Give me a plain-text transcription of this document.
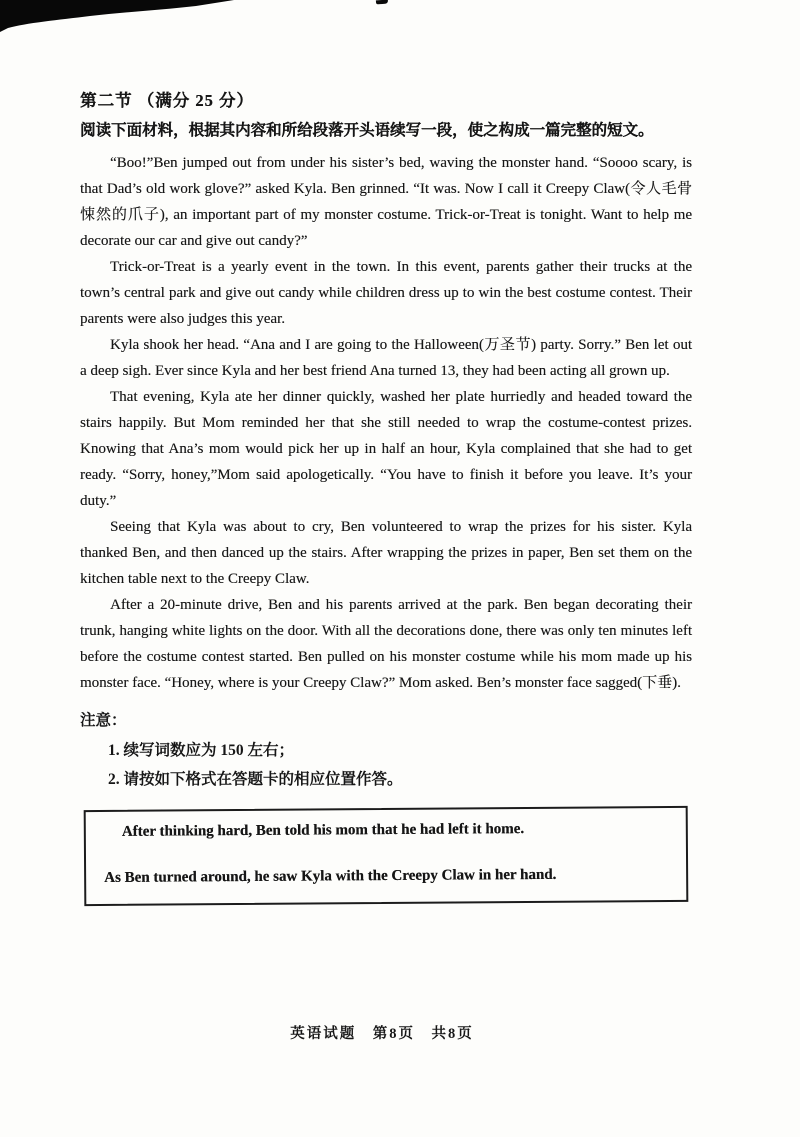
第二节 （满分 25 分）

阅读下面材料，根据其内容和所给段落开头语续写一段，使之构成一篇完整的短文。

“Boo!”Ben jumped out from under his sister’s bed, waving the monster hand. “Soooo scary, is that Dad’s old work glove?” asked Kyla. Ben grinned. “It was. Now I call it Creepy Claw(令人毛骨悚然的爪子), an important part of my monster costume. Trick-or-Treat is tonight. Want to help me decorate our car and give out candy?”

Trick-or-Treat is a yearly event in the town. In this event, parents gather their trucks at the town’s central park and give out candy while children dress up to win the best costume contest. Their parents were also judges this year.

Kyla shook her head. “Ana and I are going to the Halloween(万圣节) party. Sorry.” Ben let out a deep sigh. Ever since Kyla and her best friend Ana turned 13, they had been acting all grown up.

That evening, Kyla ate her dinner quickly, washed her plate hurriedly and headed toward the stairs happily. But Mom reminded her that she still needed to wrap the costume-contest prizes. Knowing that Ana’s mom would pick her up in half an hour, Kyla complained that she had to get ready. “Sorry, honey,”Mom said apologetically. “You have to finish it before you leave. It’s your duty.”

Seeing that Kyla was about to cry, Ben volunteered to wrap the prizes for his sister. Kyla thanked Ben, and then danced up the stairs. After wrapping the prizes in paper, Ben set them on the kitchen table next to the Creepy Claw.

After a 20-minute drive, Ben and his parents arrived at the park. Ben began decorating their trunk, hanging white lights on the door. With all the decorations done, there was only ten minutes left before the costume contest started. Ben pulled on his monster costume while his mom made up his monster face. “Honey, where is your Creepy Claw?” Mom asked. Ben’s monster face sagged(下垂).

注意：

1. 续写词数应为 150 左右；

2. 请按如下格式在答题卡的相应位置作答。

After thinking hard, Ben told his mom that he had left it home.

As Ben turned around, he saw Kyla with the Creepy Claw in her hand.

英语试题　第8页　共8页
